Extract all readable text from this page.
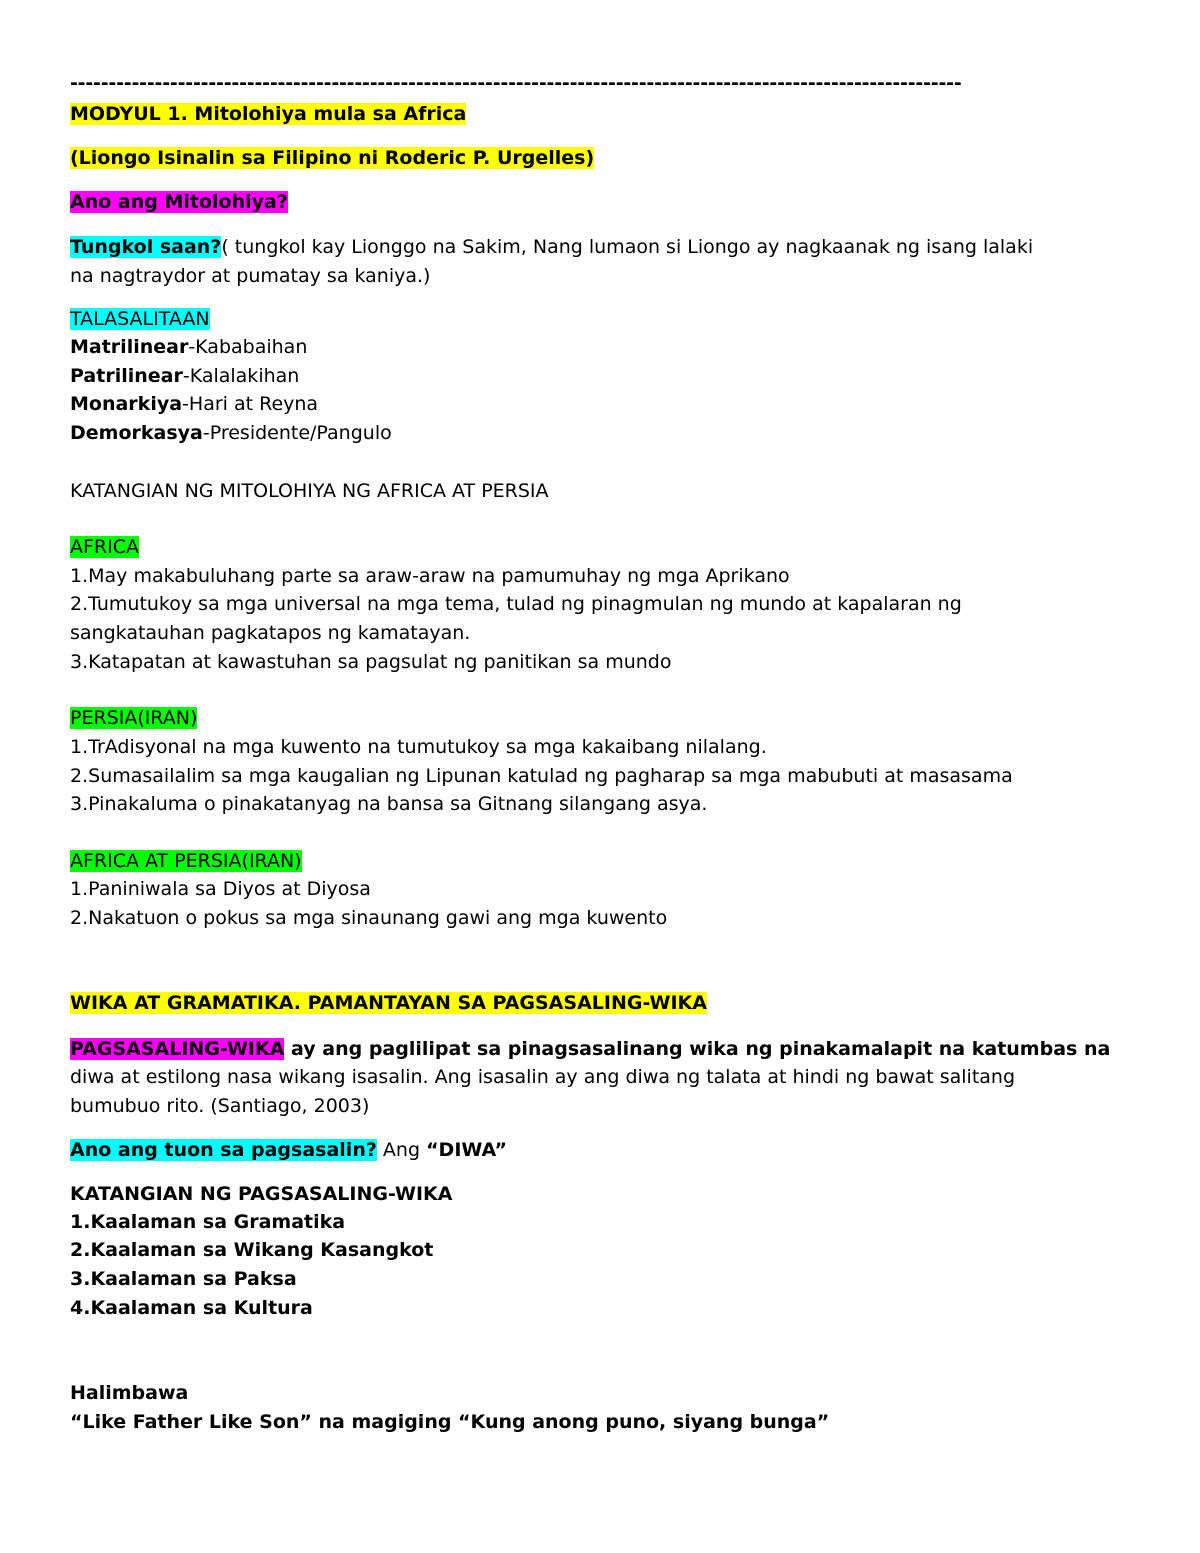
--------------------------------------------------------------------------------------------------------------------
MODYUL 1. Mitolohiya mula sa Africa
(Liongo Isinalin sa Filipino ni Roderic P. Urgelles)
Ano ang Mitolohiya?
Tungkol saan?( tungkol kay Lionggo na Sakim, Nang lumaon si Liongo ay nagkaanak ng isang lalaki
na nagtraydor at pumatay sa kaniya.)
TALASALITAAN
Matrilinear-Kababaihan
Patrilinear-Kalalakihan
Monarkiya-Hari at Reyna
Demorkasya-Presidente/Pangulo
KATANGIAN NG MITOLOHIYA NG AFRICA AT PERSIA
AFRICA
1.May makabuluhang parte sa araw-araw na pamumuhay ng mga Aprikano
2.Tumutukoy sa mga universal na mga tema, tulad ng pinagmulan ng mundo at kapalaran ng
sangkatauhan pagkatapos ng kamatayan.
3.Katapatan at kawastuhan sa pagsulat ng panitikan sa mundo
PERSIA(IRAN)
1.TrAdisyonal na mga kuwento na tumutukoy sa mga kakaibang nilalang.
2.Sumasailalim sa mga kaugalian ng Lipunan katulad ng pagharap sa mga mabubuti at masasama
3.Pinakaluma o pinakatanyag na bansa sa Gitnang silangang asya.
AFRICA AT PERSIA(IRAN)
1.Paniniwala sa Diyos at Diyosa
2.Nakatuon o pokus sa mga sinaunang gawi ang mga kuwento
WIKA AT GRAMATIKA. PAMANTAYAN SA PAGSASALING-WIKA
PAGSASALING-WIKA ay ang paglilipat sa pinagsasalinang wika ng pinakamalapit na katumbas na
diwa at estilong nasa wikang isasalin. Ang isasalin ay ang diwa ng talata at hindi ng bawat salitang
bumubuo rito. (Santiago, 2003)
Ano ang tuon sa pagsasalin? Ang “DIWA”
KATANGIAN NG PAGSASALING-WIKA
1.Kaalaman sa Gramatika
2.Kaalaman sa Wikang Kasangkot
3.Kaalaman sa Paksa
4.Kaalaman sa Kultura
Halimbawa
“Like Father Like Son” na magiging “Kung anong puno, siyang bunga”
